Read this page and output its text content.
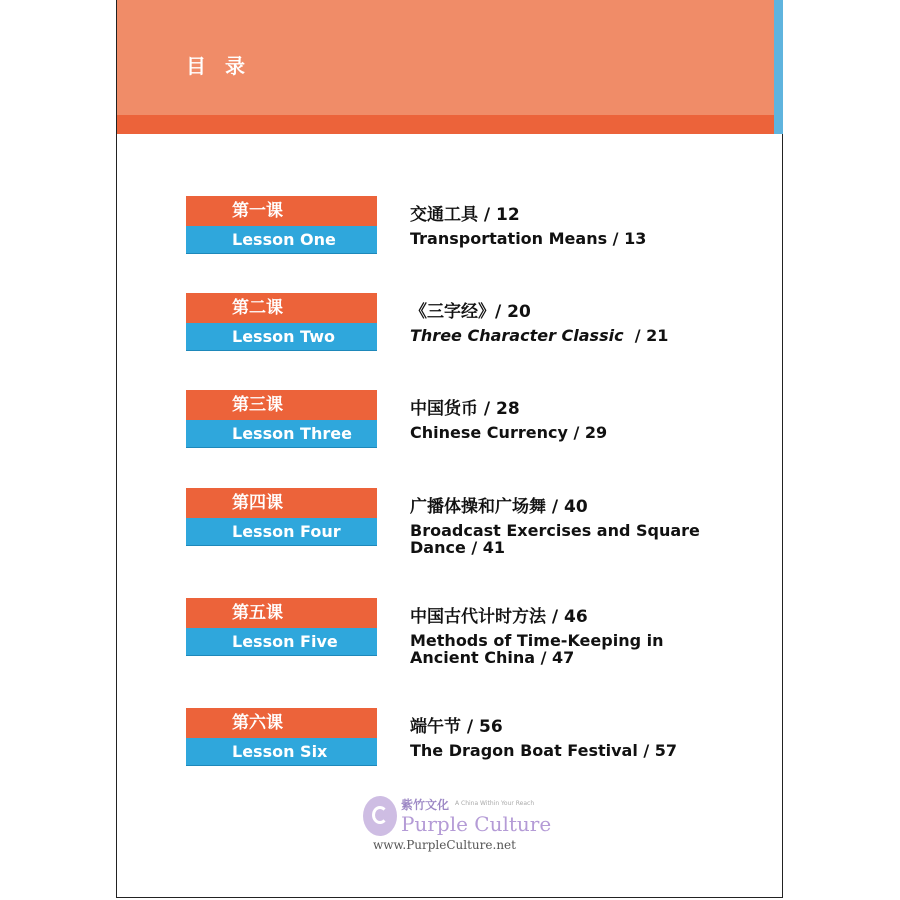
目 录
第一课
Lesson One
交通工具 / 12
Transportation Means / 13
第二课
Lesson Two
《三字经》/ 20
Three Character Classic  / 21
第三课
Lesson Three
中国货币 / 28
Chinese Currency / 29
第四课
Lesson Four
广播体操和广场舞 / 40
Broadcast Exercises and Square Dance / 41
第五课
Lesson Five
中国古代计时方法 / 46
Methods of Time-Keeping in Ancient China / 47
第六课
Lesson Six
端午节 / 56
The Dragon Boat Festival / 57
紫竹文化 A China Within Your Reach
Purple Culture
www.PurpleCulture.net
